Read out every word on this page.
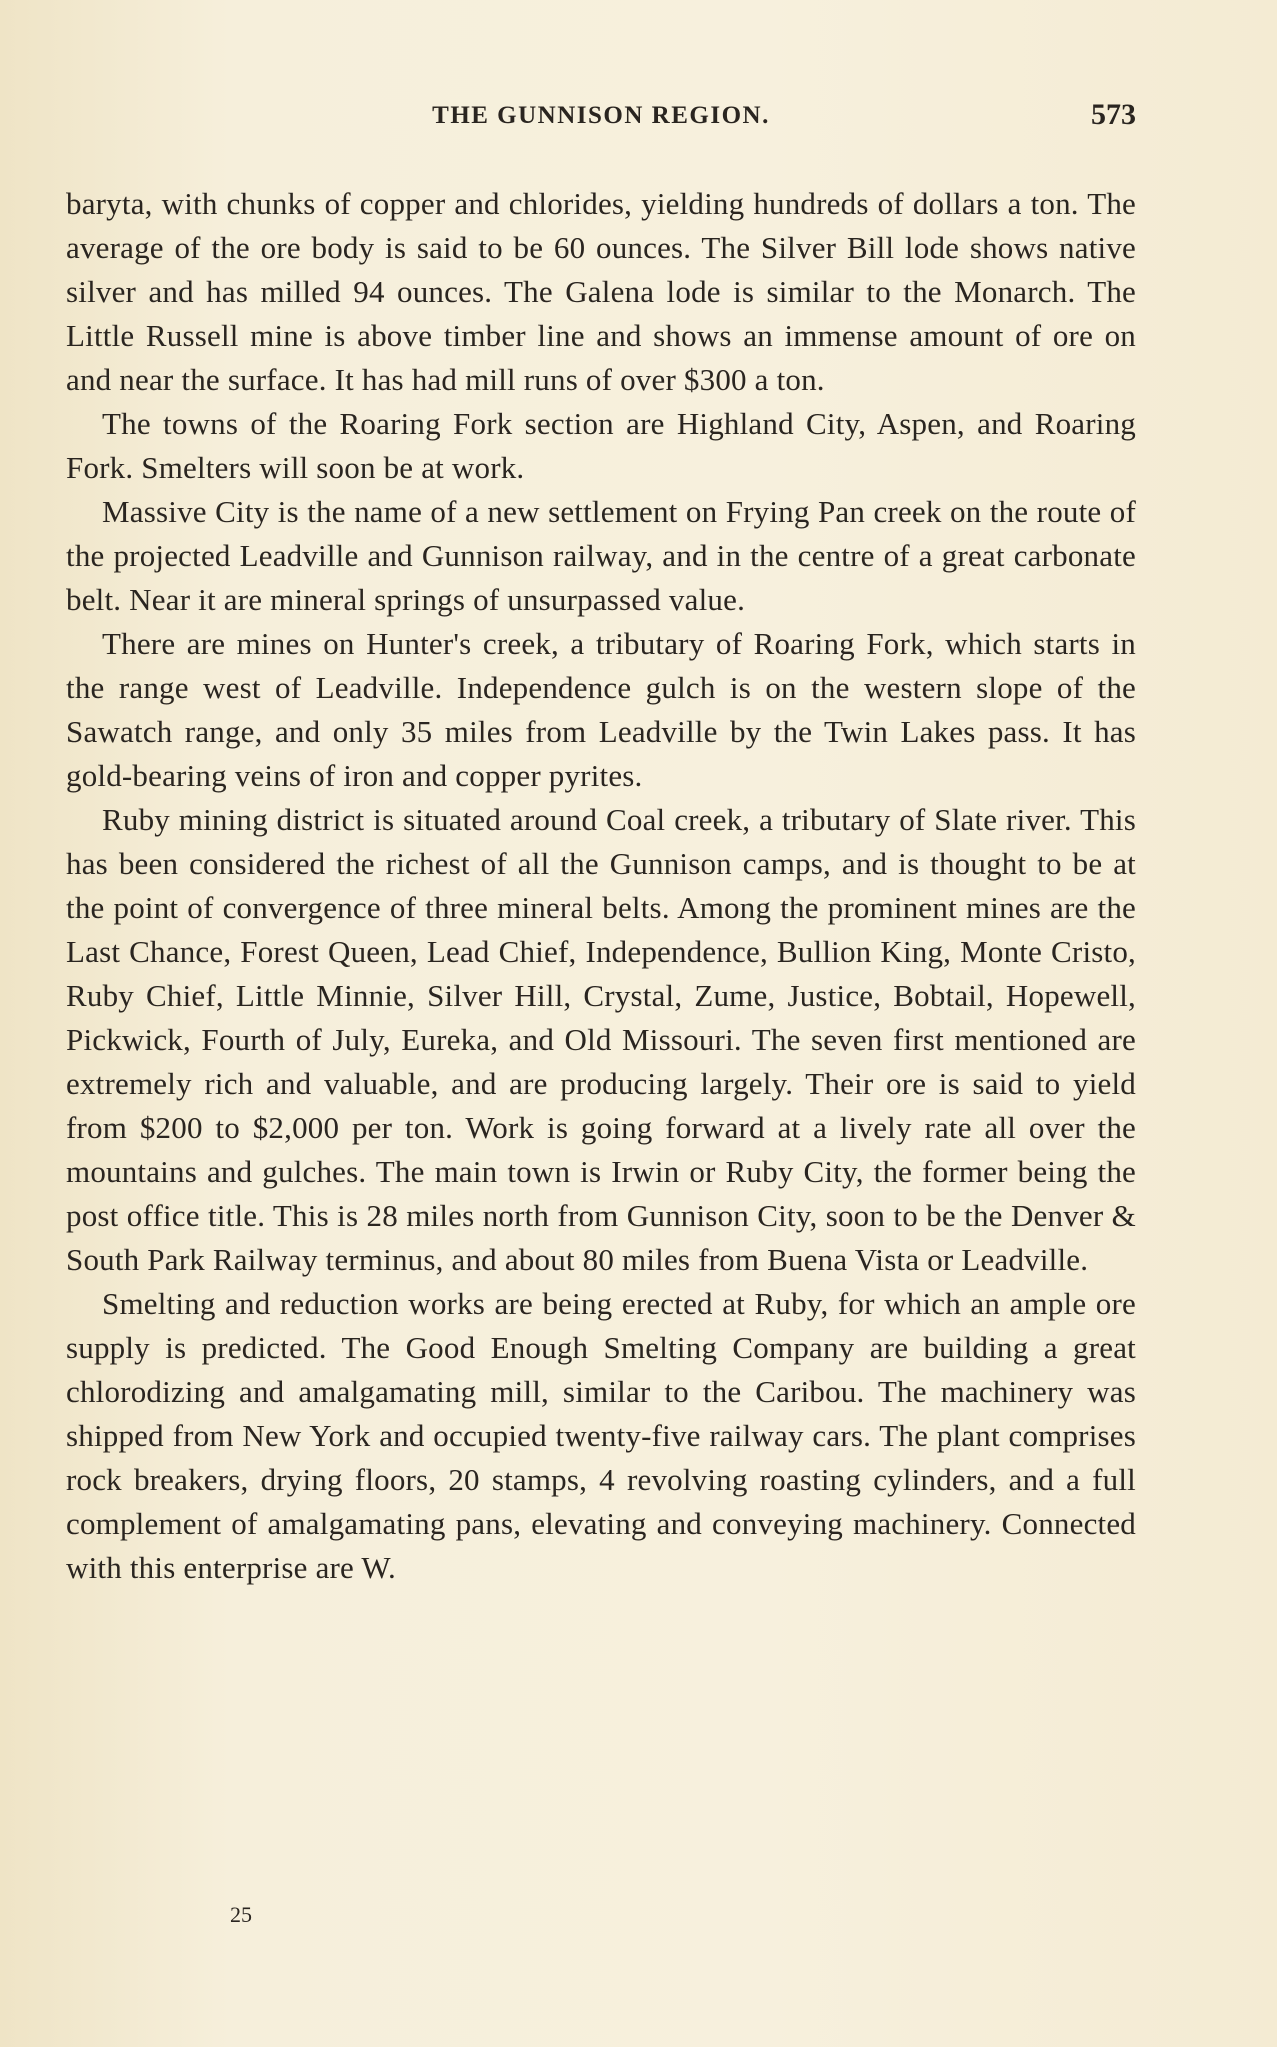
THE GUNNISON REGION.	573

baryta, with chunks of copper and chlorides, yielding hundreds of dollars a ton. The average of the ore body is said to be 60 ounces. The Silver Bill lode shows native silver and has milled 94 ounces. The Galena lode is similar to the Monarch. The Little Russell mine is above timber line and shows an immense amount of ore on and near the surface. It has had mill runs of over $300 a ton.

The towns of the Roaring Fork section are Highland City, Aspen, and Roaring Fork. Smelters will soon be at work.

Massive City is the name of a new settlement on Frying Pan creek on the route of the projected Leadville and Gunnison railway, and in the centre of a great carbonate belt. Near it are mineral springs of unsurpassed value.

There are mines on Hunter's creek, a tributary of Roaring Fork, which starts in the range west of Leadville. Independence gulch is on the western slope of the Sawatch range, and only 35 miles from Leadville by the Twin Lakes pass. It has gold-bearing veins of iron and copper pyrites.

Ruby mining district is situated around Coal creek, a tributary of Slate river. This has been considered the richest of all the Gunnison camps, and is thought to be at the point of convergence of three mineral belts. Among the prominent mines are the Last Chance, Forest Queen, Lead Chief, Independence, Bullion King, Monte Cristo, Ruby Chief, Little Minnie, Silver Hill, Crystal, Zume, Justice, Bobtail, Hopewell, Pickwick, Fourth of July, Eureka, and Old Missouri. The seven first mentioned are extremely rich and valuable, and are producing largely. Their ore is said to yield from $200 to $2,000 per ton. Work is going forward at a lively rate all over the mountains and gulches. The main town is Irwin or Ruby City, the former being the post office title. This is 28 miles north from Gunnison City, soon to be the Denver & South Park Railway terminus, and about 80 miles from Buena Vista or Leadville.

Smelting and reduction works are being erected at Ruby, for which an ample ore supply is predicted. The Good Enough Smelting Company are building a great chlorodizing and amalgamating mill, similar to the Caribou. The machinery was shipped from New York and occupied twenty-five railway cars. The plant comprises rock breakers, drying floors, 20 stamps, 4 revolving roasting cylinders, and a full complement of amalgamating pans, elevating and conveying machinery. Connected with this enterprise are W.

25
